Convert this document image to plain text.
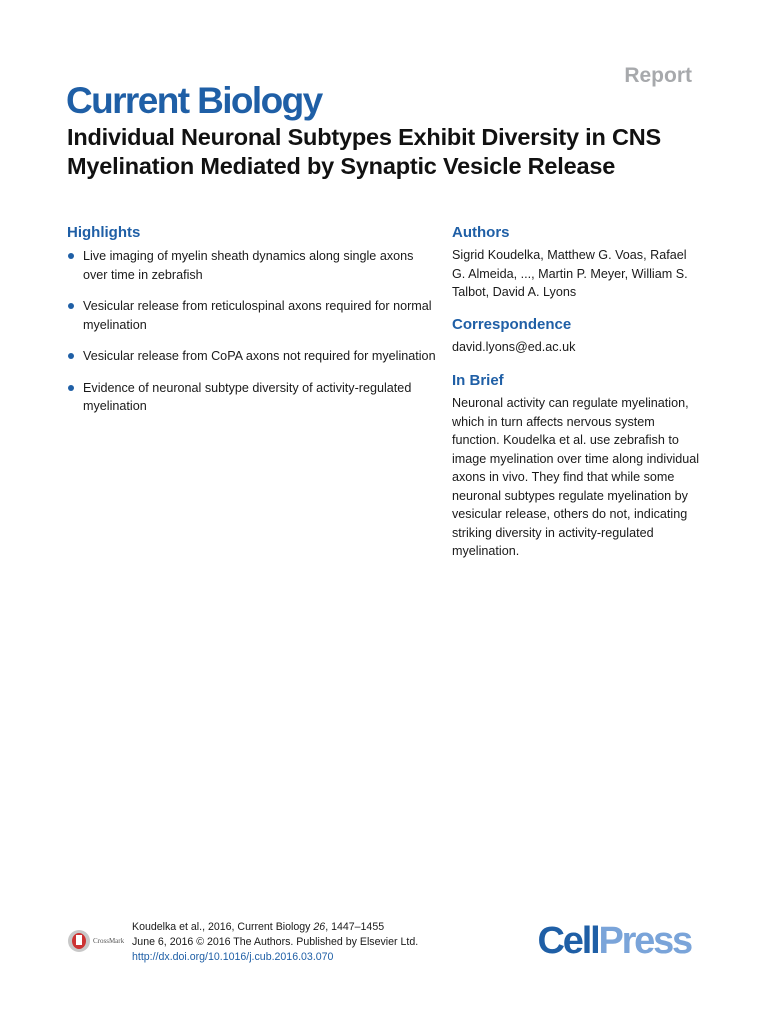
Report
Current Biology
Individual Neuronal Subtypes Exhibit Diversity in CNS Myelination Mediated by Synaptic Vesicle Release
Highlights
Live imaging of myelin sheath dynamics along single axons over time in zebrafish
Vesicular release from reticulospinal axons required for normal myelination
Vesicular release from CoPA axons not required for myelination
Evidence of neuronal subtype diversity of activity-regulated myelination
Authors

Sigrid Koudelka, Matthew G. Voas, Rafael G. Almeida, ..., Martin P. Meyer, William S. Talbot, David A. Lyons

Correspondence

david.lyons@ed.ac.uk

In Brief

Neuronal activity can regulate myelination, which in turn affects nervous system function. Koudelka et al. use zebrafish to image myelination over time along individual axons in vivo. They find that while some neuronal subtypes regulate myelination by vesicular release, others do not, indicating striking diversity in activity-regulated myelination.

CrossMark
Koudelka et al., 2016, Current Biology 26, 1447–1455
June 6, 2016 © 2016 The Authors. Published by Elsevier Ltd.
http://dx.doi.org/10.1016/j.cub.2016.03.070	CellPress
